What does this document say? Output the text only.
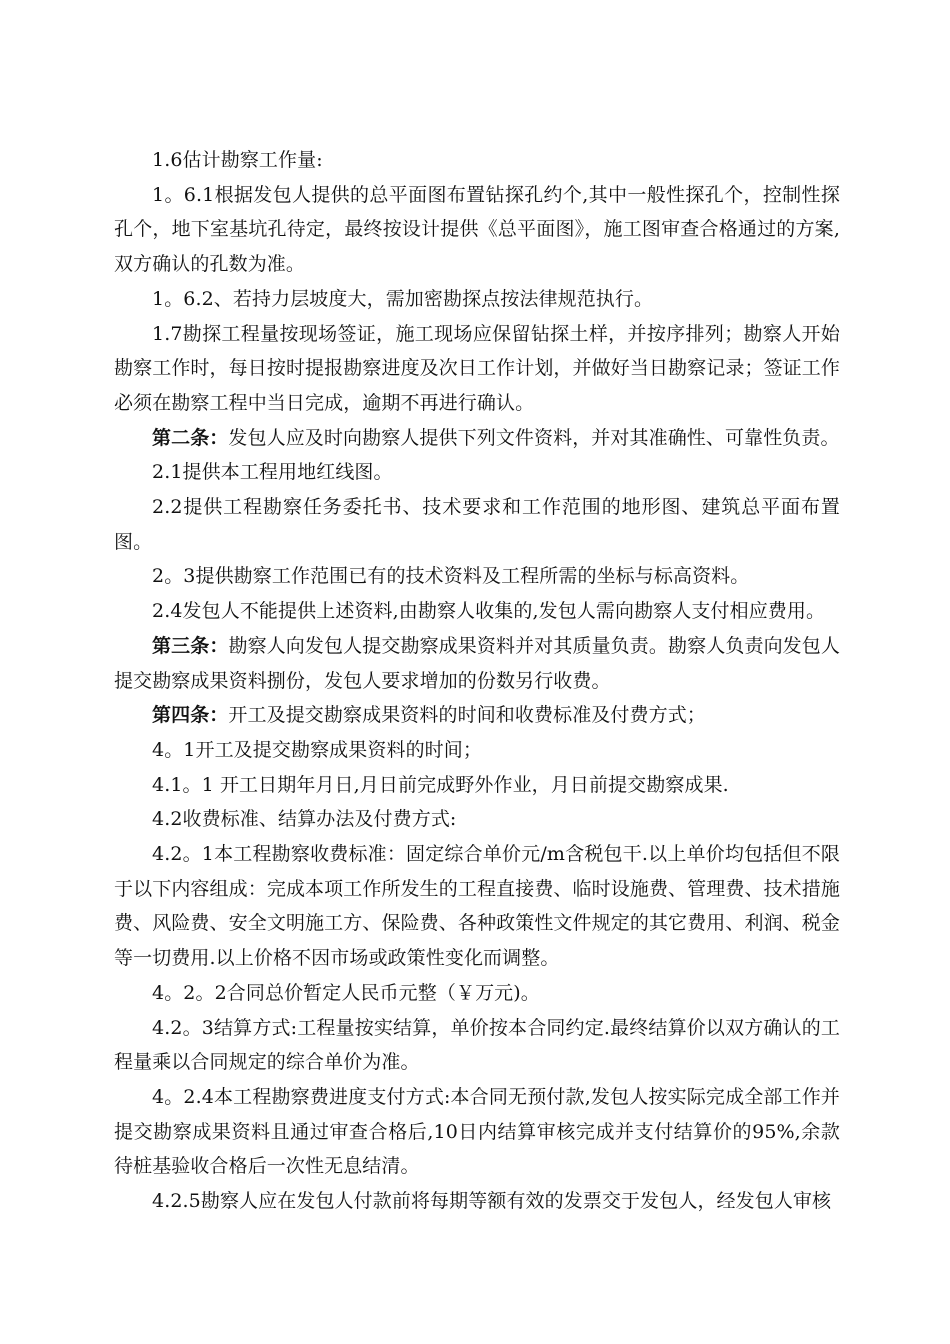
1.6估计勘察工作量:

1。6.1根据发包人提供的总平面图布置钻探孔约个,其中一般性探孔个，控制性探孔个，地下室基坑孔待定，最终按设计提供《总平面图》，施工图审查合格通过的方案,双方确认的孔数为准。

1。6.2、若持力层坡度大，需加密勘探点按法律规范执行。

1.7勘探工程量按现场签证，施工现场应保留钻探土样，并按序排列；勘察人开始勘察工作时，每日按时提报勘察进度及次日工作计划，并做好当日勘察记录；签证工作必须在勘察工程中当日完成，逾期不再进行确认。

第二条：发包人应及时向勘察人提供下列文件资料，并对其准确性、可靠性负责。

2.1提供本工程用地红线图。

2.2提供工程勘察任务委托书、技术要求和工作范围的地形图、建筑总平面布置图。

2。3提供勘察工作范围已有的技术资料及工程所需的坐标与标高资料。

2.4发包人不能提供上述资料,由勘察人收集的,发包人需向勘察人支付相应费用。

第三条：勘察人向发包人提交勘察成果资料并对其质量负责。勘察人负责向发包人提交勘察成果资料捌份，发包人要求增加的份数另行收费。

第四条：开工及提交勘察成果资料的时间和收费标准及付费方式；

4。1开工及提交勘察成果资料的时间；

4.1。1 开工日期年月日,月日前完成野外作业，月日前提交勘察成果.

4.2收费标准、结算办法及付费方式:

4.2。1本工程勘察收费标准：固定综合单价元/m含税包干.以上单价均包括但不限于以下内容组成：完成本项工作所发生的工程直接费、临时设施费、管理费、技术措施费、风险费、安全文明施工方、保险费、各种政策性文件规定的其它费用、利润、税金等一切费用.以上价格不因市场或政策性变化而调整。

4。2。2合同总价暂定人民币元整（￥万元)。

4.2。3结算方式:工程量按实结算，单价按本合同约定.最终结算价以双方确认的工程量乘以合同规定的综合单价为准。

4。2.4本工程勘察费进度支付方式:本合同无预付款,发包人按实际完成全部工作并提交勘察成果资料且通过审查合格后,10日内结算审核完成并支付结算价的95%,余款待桩基验收合格后一次性无息结清。

4.2.5勘察人应在发包人付款前将每期等额有效的发票交于发包人，经发包人审核
